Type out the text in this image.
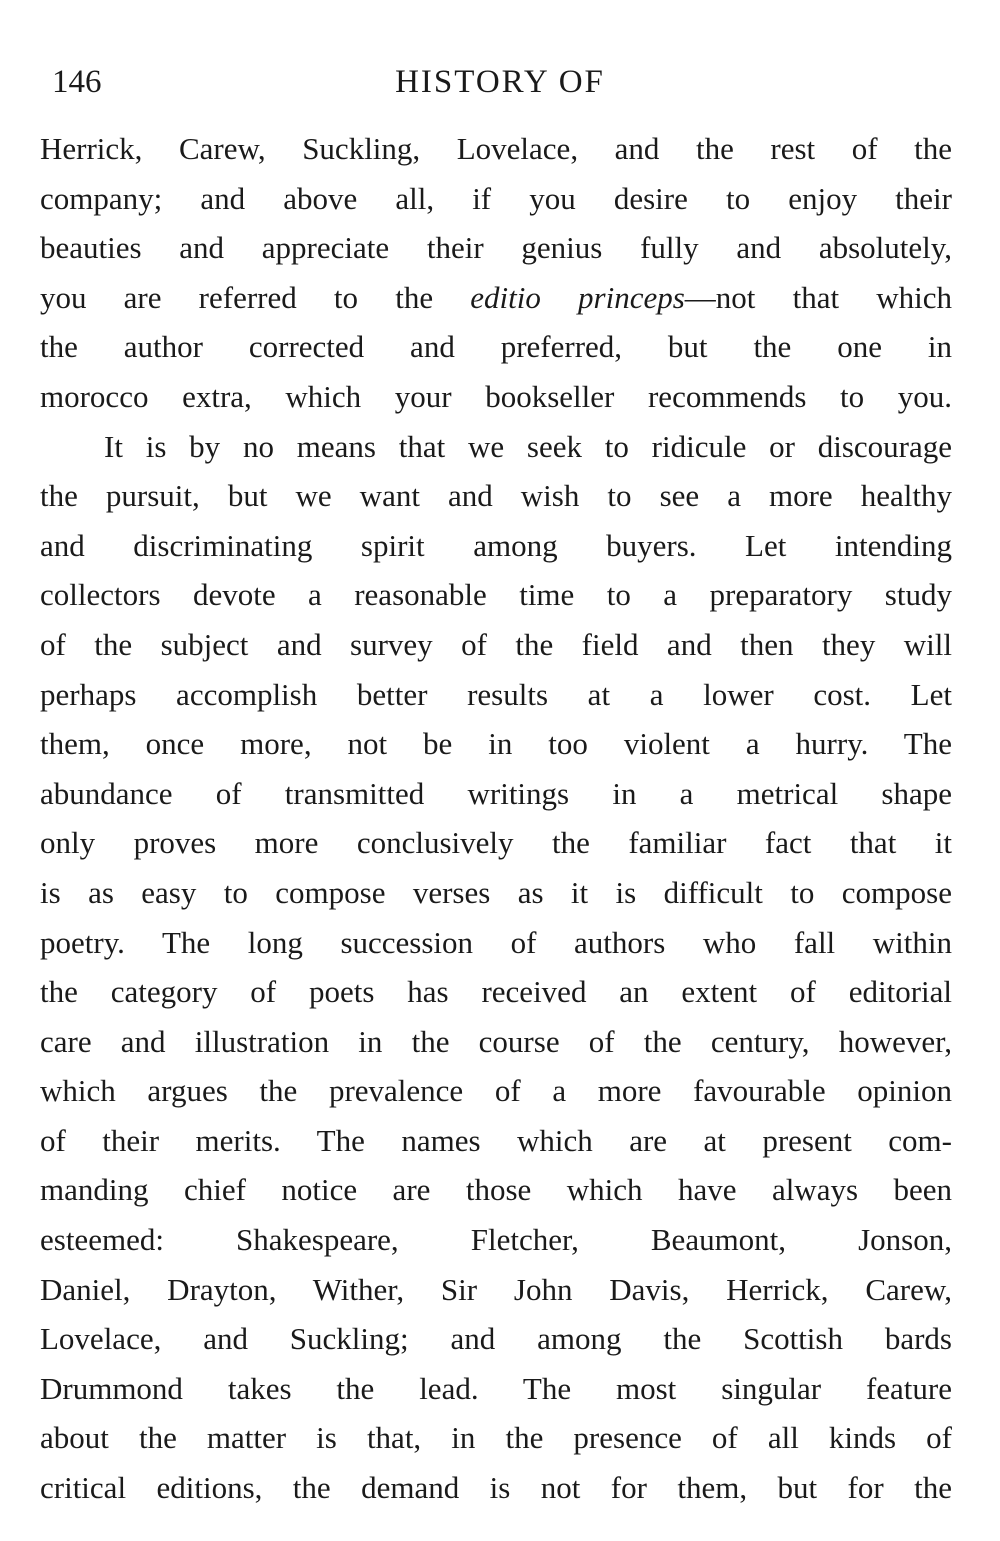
146	HISTORY OF
Herrick, Carew, Suckling, Lovelace, and the rest of the
company; and above all, if you desire to enjoy their
beauties and appreciate their genius fully and absolutely,
you are referred to the editio princeps—not that which
the author corrected and preferred, but the one in
morocco extra, which your bookseller recommends to you.
It is by no means that we seek to ridicule or discourage
the pursuit, but we want and wish to see a more healthy
and discriminating spirit among buyers. Let intending
collectors devote a reasonable time to a preparatory study
of the subject and survey of the field and then they will
perhaps accomplish better results at a lower cost. Let
them, once more, not be in too violent a hurry. The
abundance of transmitted writings in a metrical shape
only proves more conclusively the familiar fact that it
is as easy to compose verses as it is difficult to compose
poetry. The long succession of authors who fall within
the category of poets has received an extent of editorial
care and illustration in the course of the century, however,
which argues the prevalence of a more favourable opinion
of their merits. The names which are at present com-
manding chief notice are those which have always been
esteemed: Shakespeare, Fletcher, Beaumont, Jonson,
Daniel, Drayton, Wither, Sir John Davis, Herrick, Carew,
Lovelace, and Suckling; and among the Scottish bards
Drummond takes the lead. The most singular feature
about the matter is that, in the presence of all kinds of
critical editions, the demand is not for them, but for the
